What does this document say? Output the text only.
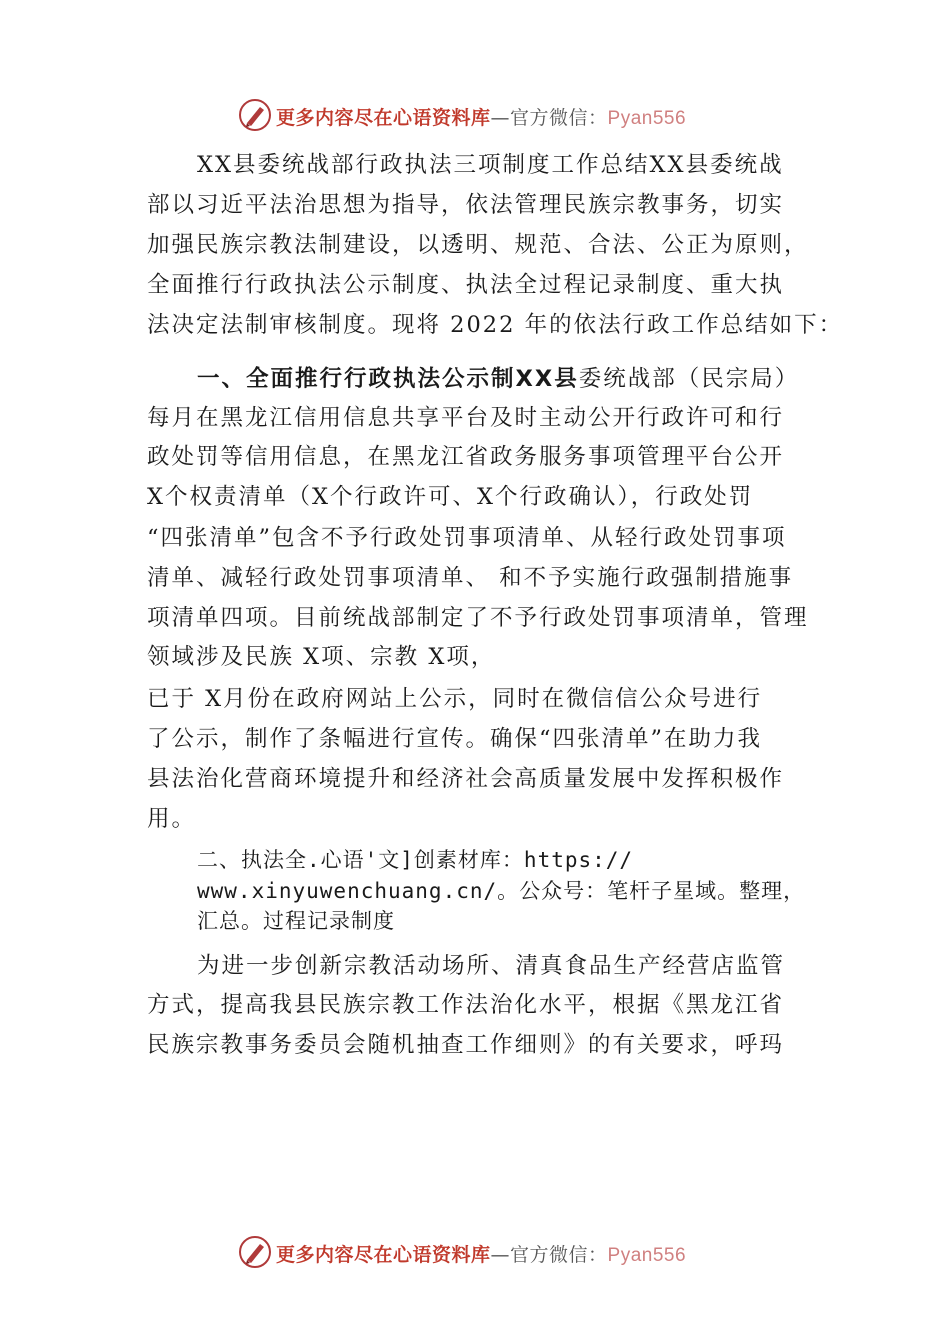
更多内容尽在心语资料库—官方微信：Pyan556
XX县委统战部行政执法三项制度工作总结XX县委统战
部以习近平法治思想为指导，依法管理民族宗教事务，切实
加强民族宗教法制建设，以透明、规范、合法、公正为原则，
全面推行行政执法公示制度、执法全过程记录制度、重大执
法决定法制审核制度。现将 2022 年的依法行政工作总结如下：
一、全面推行行政执法公示制XX县委统战部（民宗局）
每月在黑龙江信用信息共享平台及时主动公开行政许可和行
政处罚等信用信息，在黑龙江省政务服务事项管理平台公开
X个权责清单（X个行政许可、X个行政确认），行政处罚
“四张清单”包含不予行政处罚事项清单、从轻行政处罚事项
清单、减轻行政处罚事项清单、 和不予实施行政强制措施事
项清单四项。目前统战部制定了不予行政处罚事项清单，管理
领域涉及民族 X项、宗教 X项，
已于 X月份在政府网站上公示，同时在微信信公众号进行
了公示，制作了条幅进行宣传。确保“四张清单”在助力我
县法治化营商环境提升和经济社会高质量发展中发挥积极作
用。
二、执法全.心语'文]创素材库：https://
www.xinyuwenchuang.cn/。公众号：笔杆子星域。整理，
汇总。过程记录制度
为进一步创新宗教活动场所、清真食品生产经营店监管
方式，提高我县民族宗教工作法治化水平，根据《黑龙江省
民族宗教事务委员会随机抽查工作细则》的有关要求，呼玛
更多内容尽在心语资料库—官方微信：Pyan556
